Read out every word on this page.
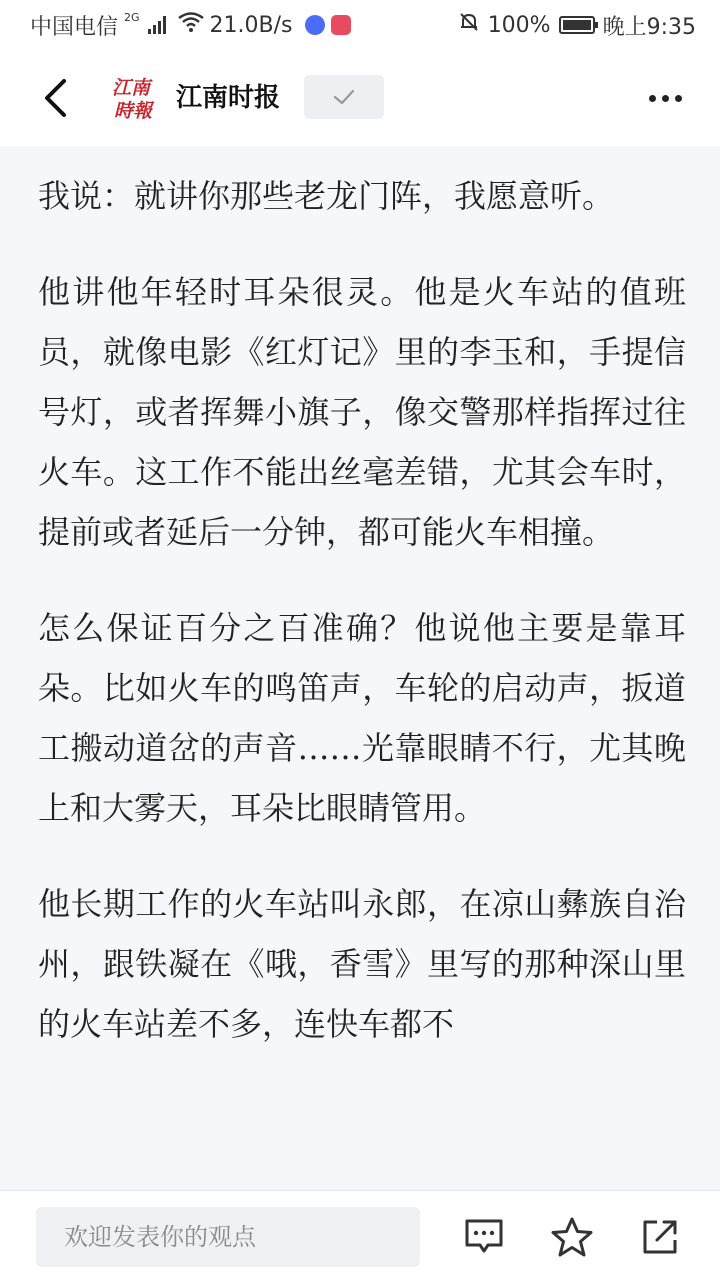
中国电信 2G	21.0B/s	100% 晚上9:35
江南
時報 江南时报

我说：就讲你那些老龙门阵，我愿意听。

他讲他年轻时耳朵很灵。他是火车站的值班员，就像电影《红灯记》里的李玉和，手提信号灯，或者挥舞小旗子，像交警那样指挥过往火车。这工作不能出丝毫差错，尤其会车时，提前或者延后一分钟，都可能火车相撞。

怎么保证百分之百准确？他说他主要是靠耳朵。比如火车的鸣笛声，车轮的启动声，扳道工搬动道岔的声音……光靠眼睛不行，尤其晚上和大雾天，耳朵比眼睛管用。

他长期工作的火车站叫永郎，在凉山彝族自治州，跟铁凝在《哦，香雪》里写的那种深山里的火车站差不多，连快车都不

欢迎发表你的观点
